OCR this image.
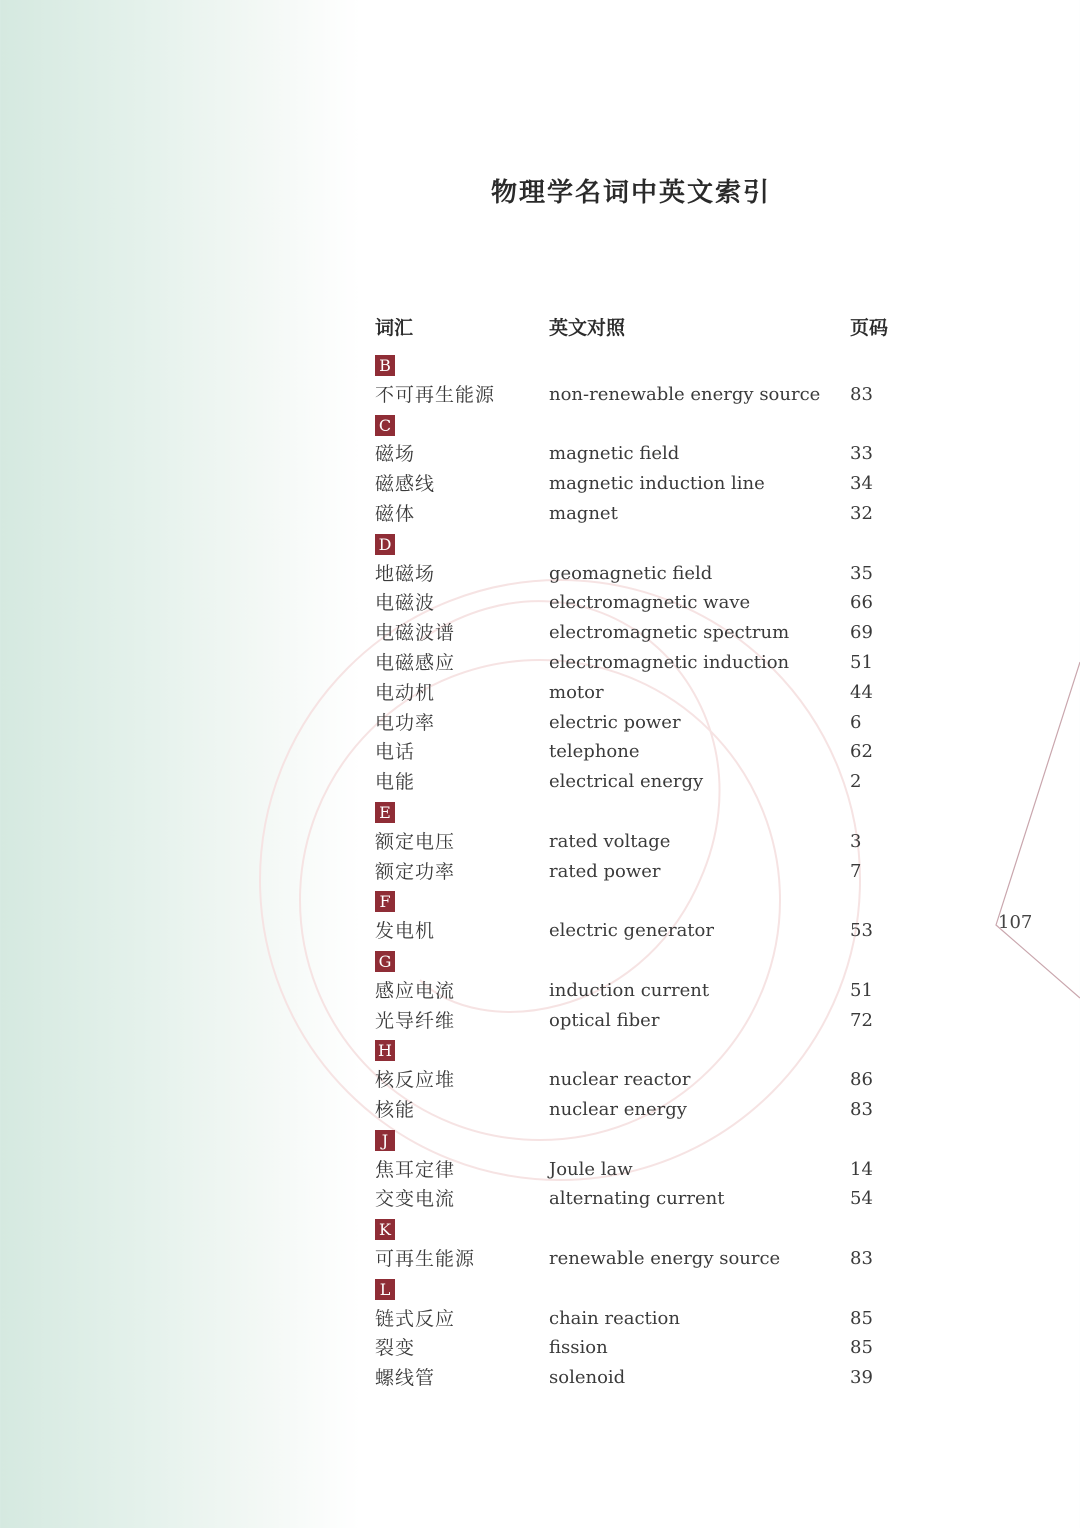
物理学名词中英文索引
词汇	英文对照	页码
B
不可再生能源	non-renewable energy source 83
C
磁场	magnetic field	33
磁感线	magnetic induction line	34
磁体	magnet	32
D
地磁场	geomagnetic field	35
电磁波	electromagnetic wave	66
电磁波谱	electromagnetic spectrum	69
电磁感应	electromagnetic induction	51
电动机	motor	44
电功率	electric power	6
电话	telephone	62
电能	electrical energy	2
E
额定电压	rated voltage	3
额定功率	rated power	7
F
发电机	electric generator	53
G
感应电流	induction current	51
光导纤维	optical fiber	72
H
核反应堆	nuclear reactor	86
核能	nuclear energy	83
J
焦耳定律	Joule law	14
交变电流	alternating current	54
K
可再生能源	renewable energy source	83
L
链式反应	chain reaction	85
裂变	fission	85
螺线管	solenoid	39
107
